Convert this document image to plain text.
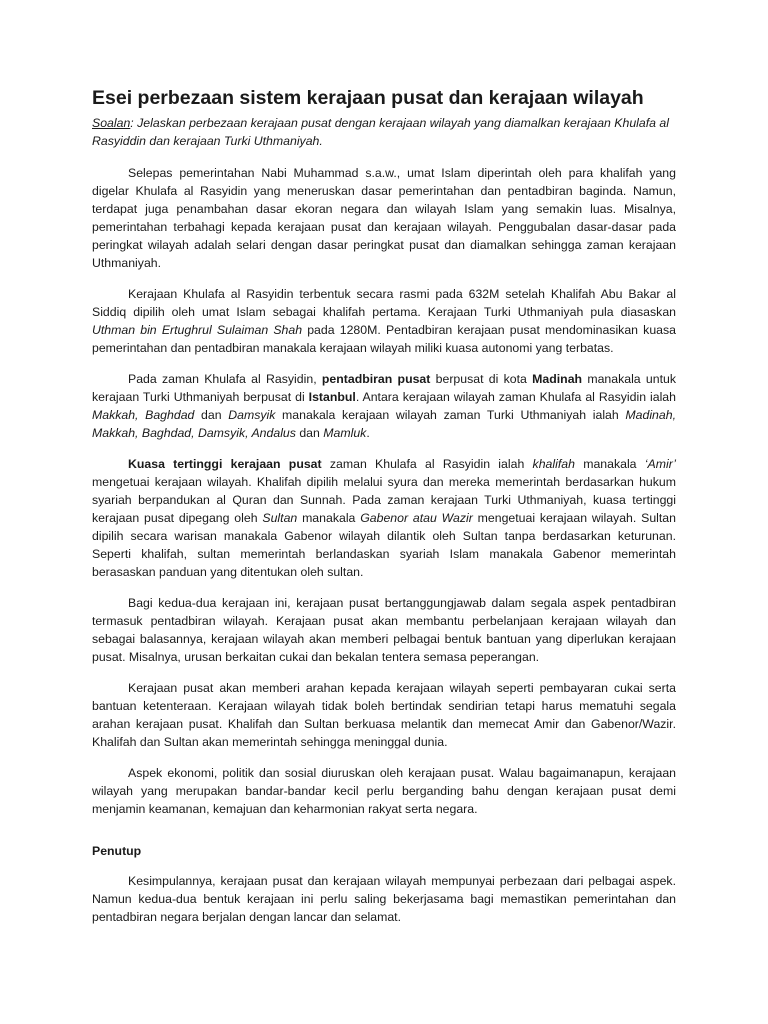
Esei perbezaan sistem kerajaan pusat dan kerajaan wilayah

Soalan: Jelaskan perbezaan kerajaan pusat dengan kerajaan wilayah yang diamalkan kerajaan Khulafa al Rasyiddin dan kerajaan Turki Uthmaniyah.

Selepas pemerintahan Nabi Muhammad s.a.w., umat Islam diperintah oleh para khalifah yang digelar Khulafa al Rasyidin yang meneruskan dasar pemerintahan dan pentadbiran baginda. Namun, terdapat juga penambahan dasar ekoran negara dan wilayah Islam yang semakin luas. Misalnya, pemerintahan terbahagi kepada kerajaan pusat dan kerajaan wilayah. Penggubalan dasar-dasar pada peringkat wilayah adalah selari dengan dasar peringkat pusat dan diamalkan sehingga zaman kerajaan Uthmaniyah.

Kerajaan Khulafa al Rasyidin terbentuk secara rasmi pada 632M setelah Khalifah Abu Bakar al Siddiq dipilih oleh umat Islam sebagai khalifah pertama. Kerajaan Turki Uthmaniyah pula diasaskan Uthman bin Ertughrul Sulaiman Shah pada 1280M. Pentadbiran kerajaan pusat mendominasikan kuasa pemerintahan dan pentadbiran manakala kerajaan wilayah miliki kuasa autonomi yang terbatas.

Pada zaman Khulafa al Rasyidin, pentadbiran pusat berpusat di kota Madinah manakala untuk kerajaan Turki Uthmaniyah berpusat di Istanbul. Antara kerajaan wilayah zaman Khulafa al Rasyidin ialah Makkah, Baghdad dan Damsyik manakala kerajaan wilayah zaman Turki Uthmaniyah ialah Madinah, Makkah, Baghdad, Damsyik, Andalus dan Mamluk.

Kuasa tertinggi kerajaan pusat zaman Khulafa al Rasyidin ialah khalifah manakala ‘Amir’ mengetuai kerajaan wilayah. Khalifah dipilih melalui syura dan mereka memerintah berdasarkan hukum syariah berpandukan al Quran dan Sunnah. Pada zaman kerajaan Turki Uthmaniyah, kuasa tertinggi kerajaan pusat dipegang oleh Sultan manakala Gabenor atau Wazir mengetuai kerajaan wilayah. Sultan dipilih secara warisan manakala Gabenor wilayah dilantik oleh Sultan tanpa berdasarkan keturunan. Seperti khalifah, sultan memerintah berlandaskan syariah Islam manakala Gabenor memerintah berasaskan panduan yang ditentukan oleh sultan.

Bagi kedua-dua kerajaan ini, kerajaan pusat bertanggungjawab dalam segala aspek pentadbiran termasuk pentadbiran wilayah. Kerajaan pusat akan membantu perbelanjaan kerajaan wilayah dan sebagai balasannya, kerajaan wilayah akan memberi pelbagai bentuk bantuan yang diperlukan kerajaan pusat. Misalnya, urusan berkaitan cukai dan bekalan tentera semasa peperangan.

Kerajaan pusat akan memberi arahan kepada kerajaan wilayah seperti pembayaran cukai serta bantuan ketenteraan. Kerajaan wilayah tidak boleh bertindak sendirian tetapi harus mematuhi segala arahan kerajaan pusat. Khalifah dan Sultan berkuasa melantik dan memecat Amir dan Gabenor/Wazir. Khalifah dan Sultan akan memerintah sehingga meninggal dunia.

Aspek ekonomi, politik dan sosial diuruskan oleh kerajaan pusat. Walau bagaimanapun, kerajaan wilayah yang merupakan bandar-bandar kecil perlu berganding bahu dengan kerajaan pusat demi menjamin keamanan, kemajuan dan keharmonian rakyat serta negara.

Penutup

Kesimpulannya, kerajaan pusat dan kerajaan wilayah mempunyai perbezaan dari pelbagai aspek. Namun kedua-dua bentuk kerajaan ini perlu saling bekerjasama bagi memastikan pemerintahan dan pentadbiran negara berjalan dengan lancar dan selamat.
